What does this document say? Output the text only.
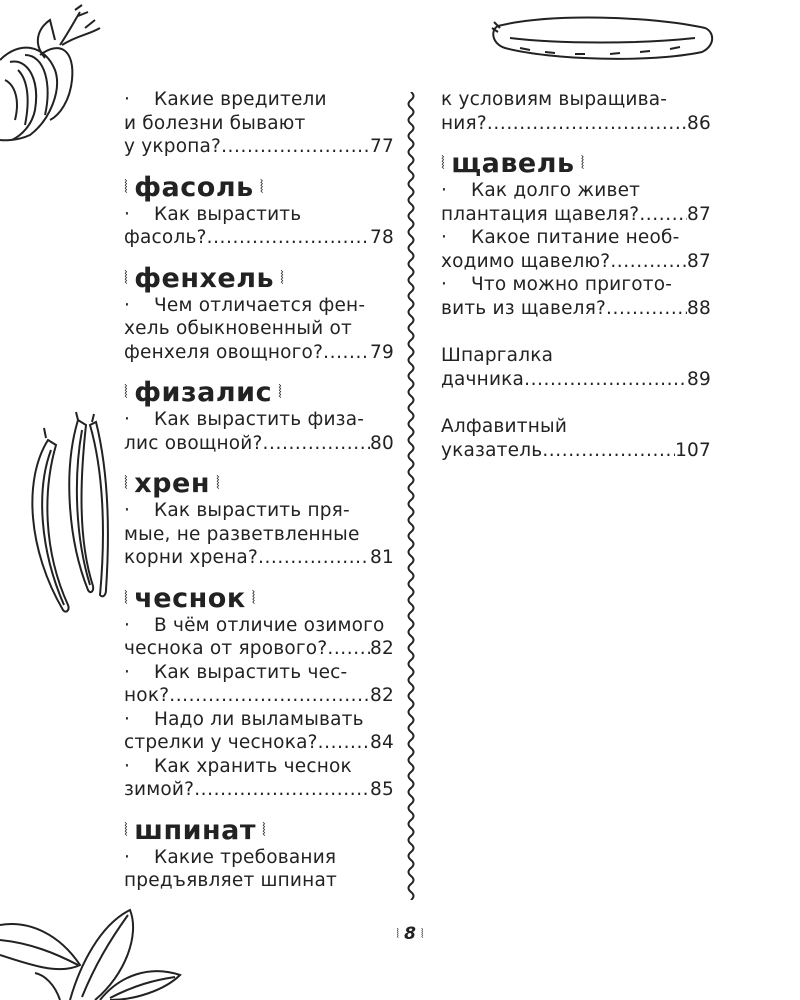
· Какие вредители
и болезни бывают
у укропа? .....	77
⦚ фасоль ⦚
· Как вырастить
фасоль? .....	78
⦚ фенхель ⦚
· Чем отличается фен-
хель обыкновенный от
фенхеля овощного? .....	79
⦚ физалис ⦚
· Как вырастить физа-
лис овощной? .....	80
⦚ хрен ⦚
· Как вырастить пря-
мые, не разветвленные
корни хрена? .....	81
⦚ чеснок ⦚
· В чём отличие озимого
чеснока от ярового? ..... 82
· Как вырастить чес-
нок? .....	82
· Надо ли выламывать
стрелки у чеснока? .....	84
· Как хранить чеснок
зимой? .....	85
⦚ шпинат ⦚
· Какие требования
предъявляет шпинат
к условиям выращива-
ния? .....	86
⦚ щавель ⦚
· Как долго живет
плантация щавеля? .....	87
· Какое питание необ-
ходимо щавелю? .....	87
· Что можно пригото-
вить из щавеля? .....	88
Шпаргалка
дачника .....	89
Алфавитный
указатель .....	107
⦚ 8 ⦚
